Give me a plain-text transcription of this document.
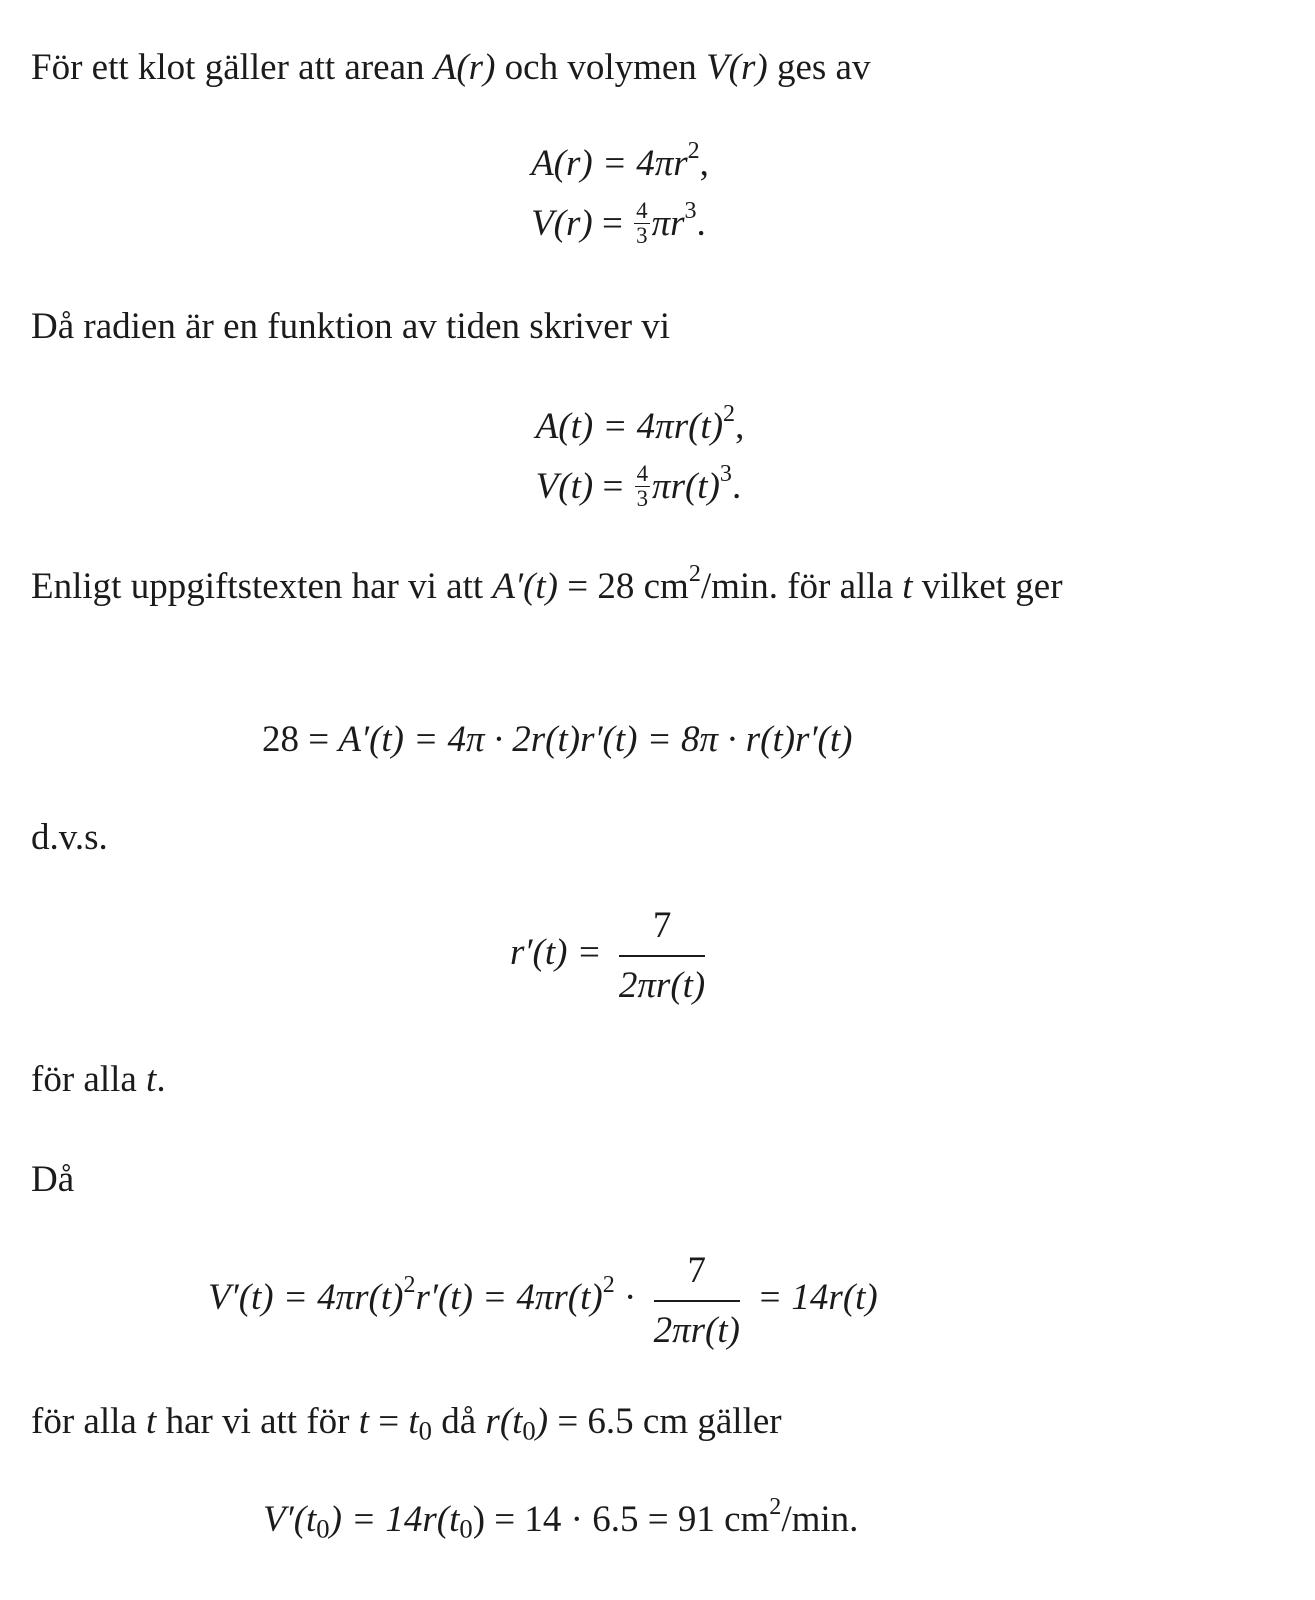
För ett klot gäller att arean A(r) och volymen V(r) ges av

$A(r) = 4\pi r^2$,
$V(r) = \frac{4}{3} \pi r^3$.

Då radien är en funktion av tiden skriver vi

$A(t) = 4\pi r(t)^2$,
$V(t) = \frac{4}{3} \pi r(t)^3$.

Enligt uppgiftstexten har vi att A′(t) = 28 $cm^2/\min$. för alla t vilket ger

28 = A′(t) = 4π · 2r(t)r′(t) = 8π · r(t)r′(t)

d.v.s.

$r'(t) = \frac{7}{2\pi r(t)}$

för alla t.

Då

$V'(t) = 4\pi r(t)^2r'(t) = 4\pi r(t)^2 \cdot \frac{7}{2\pi r(t)} = 14r(t)$

för alla t har vi att för $t = t_0$ då $r(t_0) = 6.5$ cm gäller

$V'(t_0) = 14r(t_0) = 14 \cdot 6.5 = 91$ $cm^2/\min$.
